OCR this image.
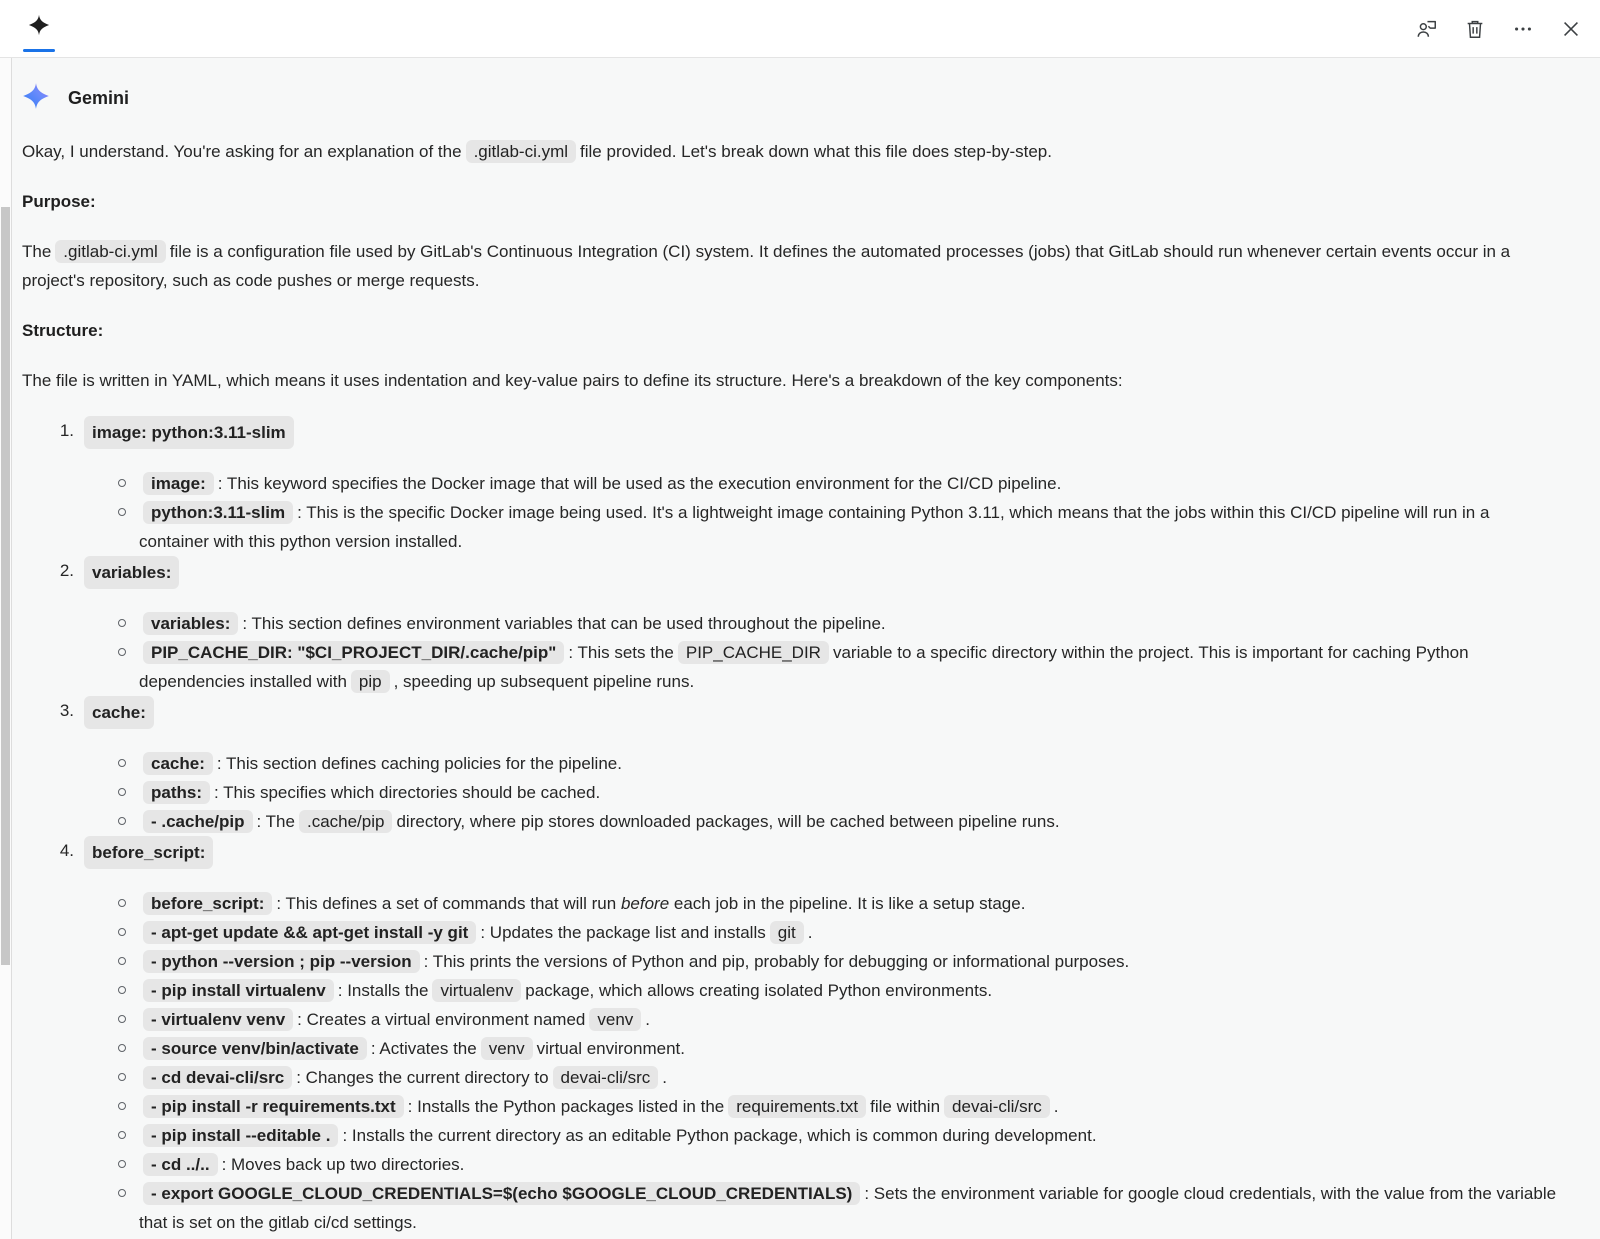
Gemini

Okay, I understand. You're asking for an explanation of the .gitlab-ci.yml file provided. Let's break down what this file does step-by-step.

Purpose:

The .gitlab-ci.yml file is a configuration file used by GitLab's Continuous Integration (CI) system. It defines the automated processes (jobs) that GitLab should run whenever certain events occur in a project's repository, such as code pushes or merge requests.

Structure:

The file is written in YAML, which means it uses indentation and key-value pairs to define its structure. Here's a breakdown of the key components:

1.	image: python:3.11-slim
image: : This keyword specifies the Docker image that will be used as the execution environment for the CI/CD pipeline.
python:3.11-slim : This is the specific Docker image being used. It's a lightweight image containing Python 3.11, which means that the jobs within this CI/CD pipeline will run in a container with this python version installed.
2.	variables:
variables: : This section defines environment variables that can be used throughout the pipeline.
PIP_CACHE_DIR: "$CI_PROJECT_DIR/.cache/pip" : This sets the PIP_CACHE_DIR variable to a specific directory within the project. This is important for caching Python dependencies installed with pip , speeding up subsequent pipeline runs.
3.	cache:
cache: : This section defines caching policies for the pipeline.
paths: : This specifies which directories should be cached.
- .cache/pip : The .cache/pip directory, where pip stores downloaded packages, will be cached between pipeline runs.
4.	before_script:
before_script: : This defines a set of commands that will run before each job in the pipeline. It is like a setup stage.
- apt-get update && apt-get install -y git : Updates the package list and installs git .
- python --version ; pip --version : This prints the versions of Python and pip, probably for debugging or informational purposes.
- pip install virtualenv : Installs the virtualenv package, which allows creating isolated Python environments.
- virtualenv venv : Creates a virtual environment named venv .
- source venv/bin/activate : Activates the venv virtual environment.
- cd devai-cli/src : Changes the current directory to devai-cli/src .
- pip install -r requirements.txt : Installs the Python packages listed in the requirements.txt file within devai-cli/src .
- pip install --editable . : Installs the current directory as an editable Python package, which is common during development.
- cd ../.. : Moves back up two directories.
- export GOOGLE_CLOUD_CREDENTIALS=$(echo $GOOGLE_CLOUD_CREDENTIALS) : Sets the environment variable for google cloud credentials, with the value from the variable that is set on the gitlab ci/cd settings.
